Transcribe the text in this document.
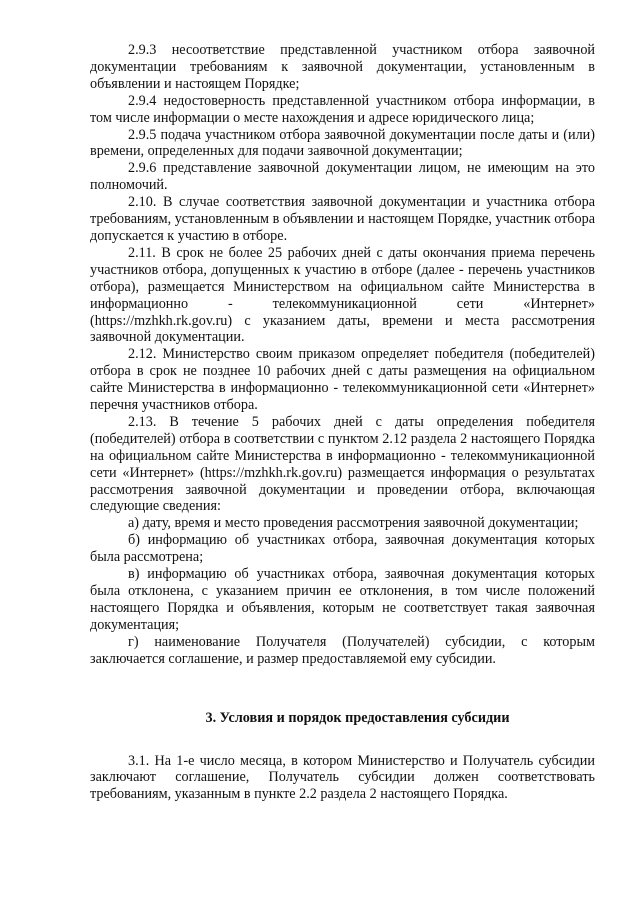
2.9.3 несоответствие представленной участником отбора заявочной документации требованиям к заявочной документации, установленным в объявлении и настоящем Порядке;

2.9.4 недостоверность представленной участником отбора информации, в том числе информации о месте нахождения и адресе юридического лица;

2.9.5 подача участником отбора заявочной документации после даты и (или) времени, определенных для подачи заявочной документации;

2.9.6 представление заявочной документации лицом, не имеющим на это полномочий.

2.10. В случае соответствия заявочной документации и участника отбора требованиям, установленным в объявлении и настоящем Порядке, участник отбора допускается к участию в отборе.

2.11. В срок не более 25 рабочих дней с даты окончания приема перечень участников отбора, допущенных к участию в отборе (далее - перечень участников отбора), размещается Министерством на официальном сайте Министерства в информационно - телекоммуникационной сети «Интернет» (https://mzhkh.rk.gov.ru) с указанием даты, времени и места рассмотрения заявочной документации.

2.12. Министерство своим приказом определяет победителя (победителей) отбора в срок не позднее 10 рабочих дней с даты размещения на официальном сайте Министерства в информационно - телекоммуникационной сети «Интернет» перечня участников отбора.

2.13. В течение 5 рабочих дней с даты определения победителя (победителей) отбора в соответствии с пунктом 2.12 раздела 2 настоящего Порядка на официальном сайте Министерства в информационно - телекоммуникационной сети «Интернет» (https://mzhkh.rk.gov.ru) размещается информация о результатах рассмотрения заявочной документации и проведении отбора, включающая следующие сведения:

а) дату, время и место проведения рассмотрения заявочной документации;

б) информацию об участниках отбора, заявочная документация которых была рассмотрена;

в) информацию об участниках отбора, заявочная документация которых была отклонена, с указанием причин ее отклонения, в том числе положений настоящего Порядка и объявления, которым не соответствует такая заявочная документация;

г) наименование Получателя (Получателей) субсидии, с которым заключается соглашение, и размер предоставляемой ему субсидии.

3. Условия и порядок предоставления субсидии

3.1. На 1-е число месяца, в котором Министерство и Получатель субсидии заключают соглашение, Получатель субсидии должен соответствовать требованиям, указанным в пункте 2.2 раздела 2 настоящего Порядка.
